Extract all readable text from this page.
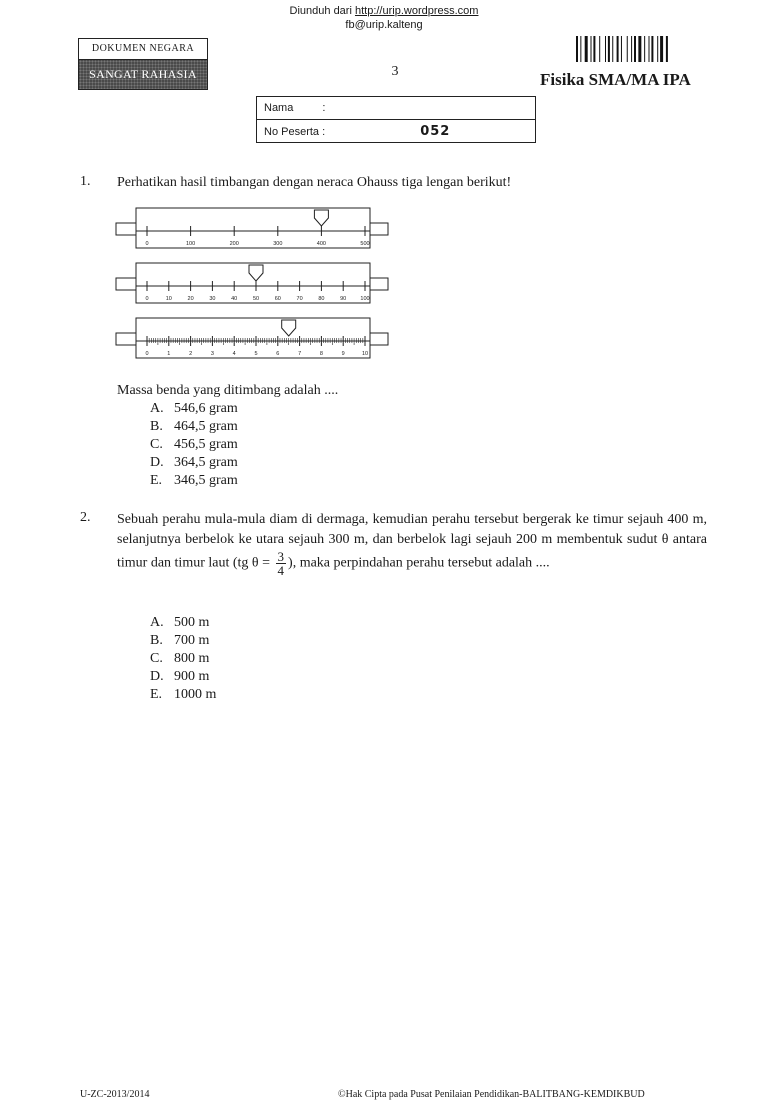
Diunduh dari http://urip.wordpress.com
fb@urip.kalteng
DOKUMEN NEGARA
SANGAT RAHASIA	3	Fisika SMA/MA IPA
Nama	:
No Peserta :	052
1. Perhatikan hasil timbangan dengan neraca Ohauss tiga lengan berikut!
0	100	200	300	400	500
0	10	20	30	40	50	60	70	80	90	100
0	1	2	3	4	5	6	7	8	9	10
Massa benda yang ditimbang adalah ....
A. 546,6 gram
B. 464,5 gram
C. 456,5 gram
D. 364,5 gram
E. 346,5 gram
2. Sebuah perahu mula-mula diam di dermaga, kemudian perahu tersebut bergerak ke timur sejauh 400 m, selanjutnya berbelok ke utara sejauh 300 m, dan berbelok lagi sejauh 200 m membentuk sudut θ antara timur dan timur laut (tg $\theta = \frac{3}{4}$ ), maka perpindahan perahu tersebut adalah ....
A. 500 m
B. 700 m
C. 800 m
D. 900 m
E. 1000 m
U-ZC-2013/2014	©Hak Cipta pada Pusat Penilaian Pendidikan-BALITBANG-KEMDIKBUD
